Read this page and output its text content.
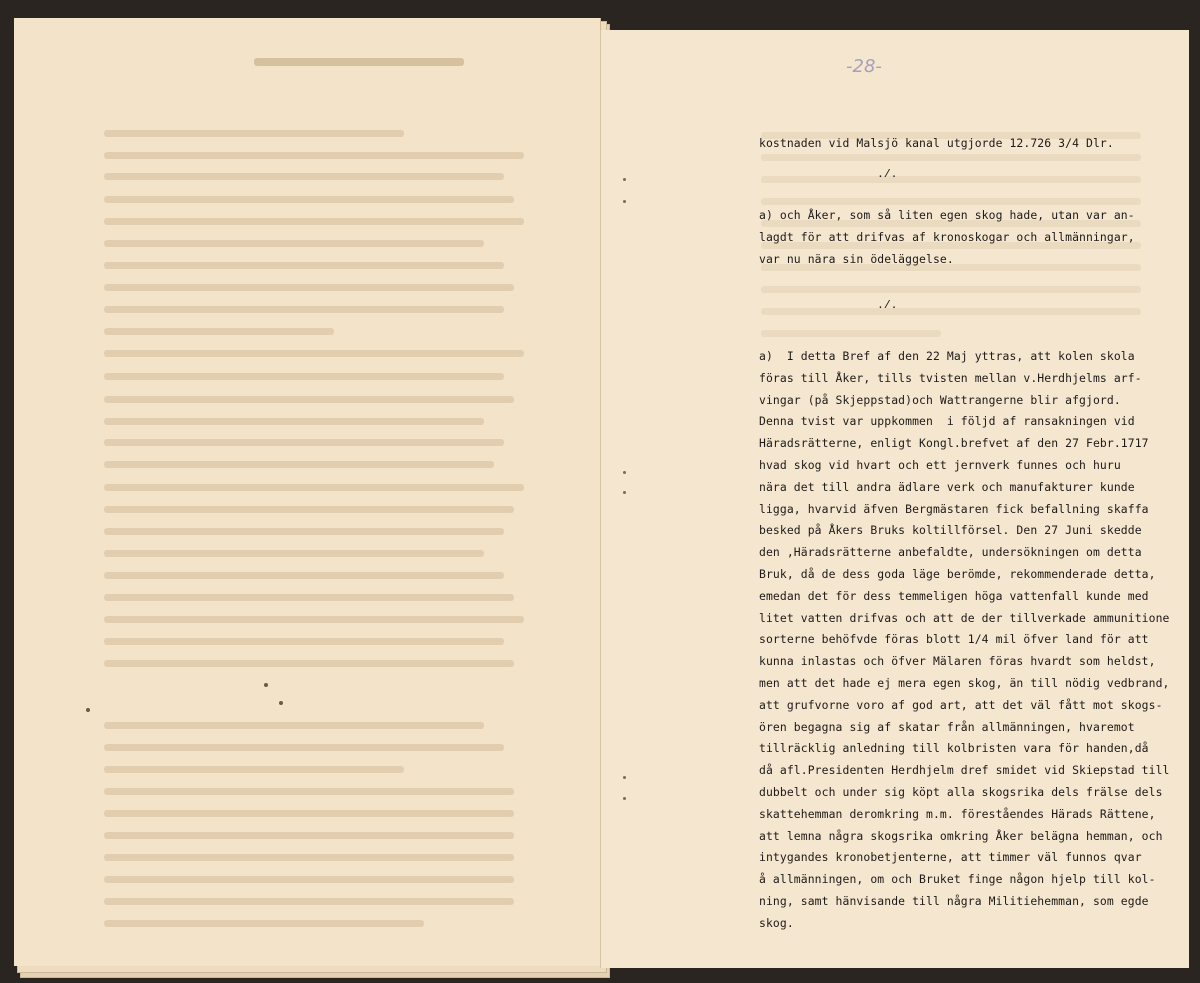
-28-
kostnaden vid Malsjö kanal utgjorde 12.726 3/4 Dlr.
./.
a) och Åker, som så liten egen skog hade, utan var an-
lagdt för att drifvas af kronoskogar och allmänningar,
var nu nära sin ödeläggelse.
./.
a)  I detta Bref af den 22 Maj yttras, att kolen skola
föras till Åker, tills tvisten mellan v.Herdhjelms arf-
vingar (på Skjeppstad)och Wattrangerne blir afgjord.
Denna tvist var uppkommen  i följd af ransakningen vid
Häradsrätterne, enligt Kongl.brefvet af den 27 Febr.1717
hvad skog vid hvart och ett jernverk funnes och huru
nära det till andra ädlare verk och manufakturer kunde
ligga, hvarvid äfven Bergmästaren fick befallning skaffa
besked på Åkers Bruks koltillförsel. Den 27 Juni skedde
den ,Häradsrätterne anbefaldte, undersökningen om detta
Bruk, då de dess goda läge berömde, rekommenderade detta,
emedan det för dess temmeligen höga vattenfall kunde med
litet vatten drifvas och att de der tillverkade ammunitione
sorterne behöfvde föras blott 1/4 mil öfver land för att
kunna inlastas och öfver Mälaren föras hvardt som heldst,
men att det hade ej mera egen skog, än till nödig vedbrand,
att grufvorne voro af god art, att det väl fått mot skogs-
ören begagna sig af skatar från allmänningen, hvaremot
tillräcklig anledning till kolbristen vara för handen,då
då afl.Presidenten Herdhjelm dref smidet vid Skiepstad till
dubbelt och under sig köpt alla skogsrika dels frälse dels
skattehemman deromkring m.m. föreståendes Härads Rättene,
att lemna några skogsrika omkring Åker belägna hemman, och
intygandes kronobetjenterne, att timmer väl funnos qvar
å allmänningen, om och Bruket finge någon hjelp till kol-
ning, samt hänvisande till några Militiehemman, som egde
skog.
